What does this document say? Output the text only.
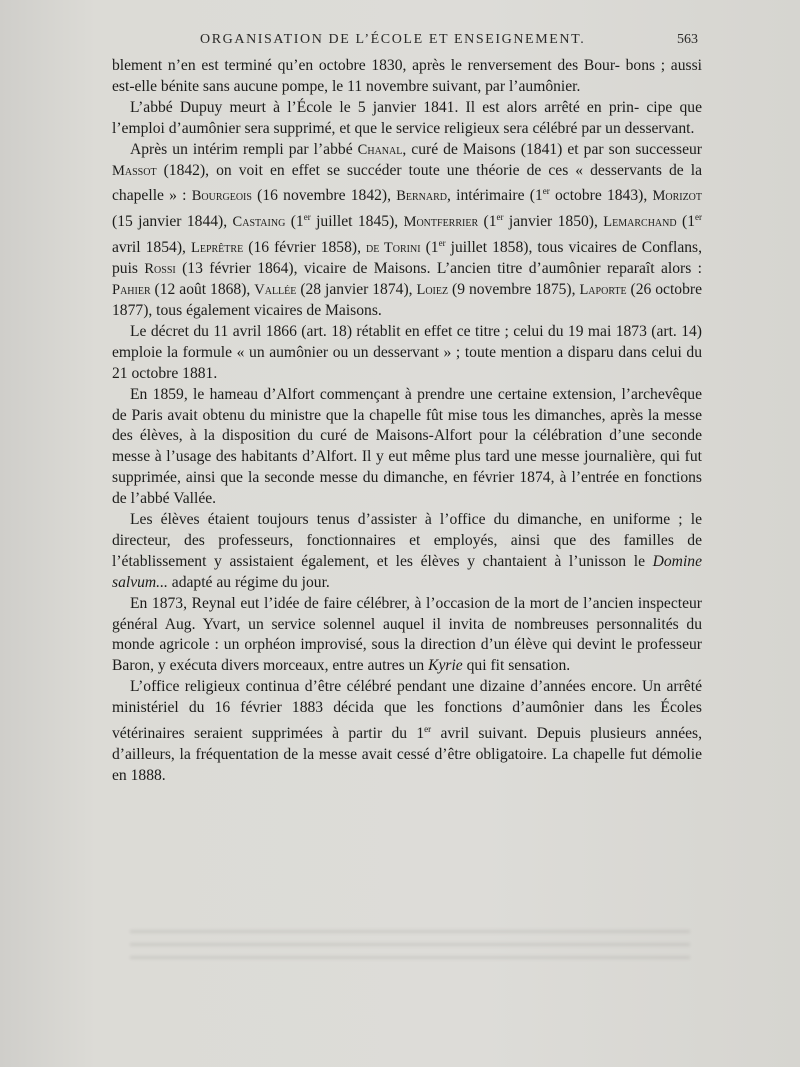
ORGANISATION DE L’ÉCOLE ET ENSEIGNEMENT.	563

blement n’en est terminé qu’en octobre 1830, après le renversement des Bour- bons ; aussi est-elle bénite sans aucune pompe, le 11 novembre suivant, par l’aumônier.

L’abbé Dupuy meurt à l’École le 5 janvier 1841. Il est alors arrêté en prin- cipe que l’emploi d’aumônier sera supprimé, et que le service religieux sera célébré par un desservant.

Après un intérim rempli par l’abbé Chanal, curé de Maisons (1841) et par son successeur Massot (1842), on voit en effet se succéder toute une théorie de ces « desservants de la chapelle » : Bourgeois (16 novembre 1842), Bernard, intérimaire (1er octobre 1843), Morizot (15 janvier 1844), Castaing (1er juillet 1845), Montferrier (1er janvier 1850), Lemarchand (1er avril 1854), Leprêtre (16 février 1858), de Torini (1er juillet 1858), tous vicaires de Conflans, puis Rossi (13 février 1864), vicaire de Maisons. L’ancien titre d’aumônier reparaît alors : Pahier (12 août 1868), Vallée (28 janvier 1874), Loiez (9 novembre 1875), Laporte (26 octobre 1877), tous également vicaires de Maisons.

Le décret du 11 avril 1866 (art. 18) rétablit en effet ce titre ; celui du 19 mai 1873 (art. 14) emploie la formule « un aumônier ou un desservant » ; toute mention a disparu dans celui du 21 octobre 1881.

En 1859, le hameau d’Alfort commençant à prendre une certaine extension, l’archevêque de Paris avait obtenu du ministre que la chapelle fût mise tous les dimanches, après la messe des élèves, à la disposition du curé de Maisons-Alfort pour la célébration d’une seconde messe à l’usage des habitants d’Alfort. Il y eut même plus tard une messe journalière, qui fut supprimée, ainsi que la seconde messe du dimanche, en février 1874, à l’entrée en fonctions de l’abbé Vallée.

Les élèves étaient toujours tenus d’assister à l’office du dimanche, en uniforme ; le directeur, des professeurs, fonctionnaires et employés, ainsi que des familles de l’établissement y assistaient également, et les élèves y chantaient à l’unisson le Domine salvum... adapté au régime du jour.

En 1873, Reynal eut l’idée de faire célébrer, à l’occasion de la mort de l’ancien inspecteur général Aug. Yvart, un service solennel auquel il invita de nombreuses personnalités du monde agricole : un orphéon improvisé, sous la direction d’un élève qui devint le professeur Baron, y exécuta divers morceaux, entre autres un Kyrie qui fit sensation.

L’office religieux continua d’être célébré pendant une dizaine d’années encore. Un arrêté ministériel du 16 février 1883 décida que les fonctions d’aumônier dans les Écoles vétérinaires seraient supprimées à partir du 1er avril suivant. Depuis plusieurs années, d’ailleurs, la fréquentation de la messe avait cessé d’être obligatoire. La chapelle fut démolie en 1888.
